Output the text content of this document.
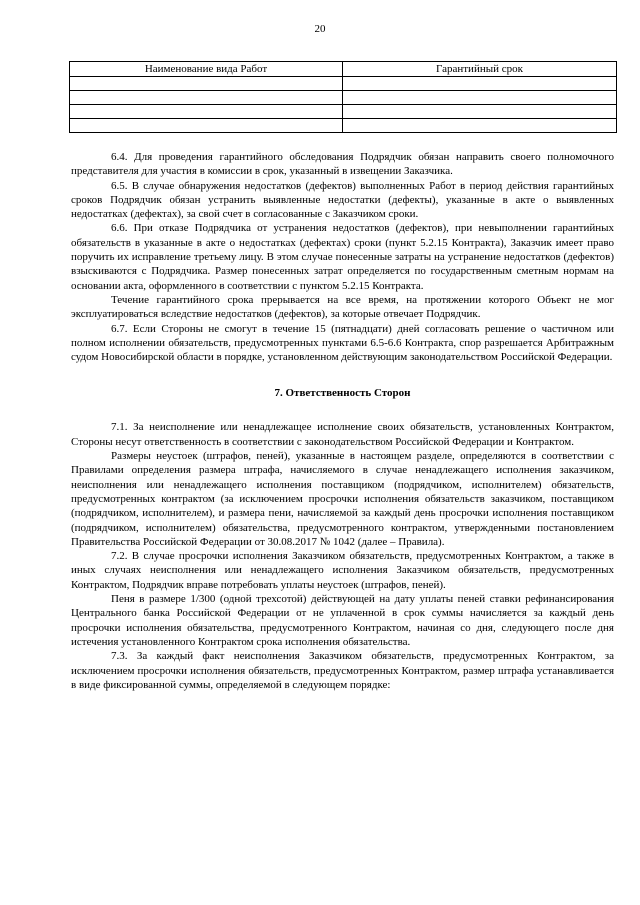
20
Наименование вида Работ	Гарантийный срок

6.4. Для проведения гарантийного обследования Подрядчик обязан направить своего полномочного представителя для участия в комиссии в срок, указанный в извещении Заказчика.

6.5. В случае обнаружения недостатков (дефектов) выполненных Работ в период действия гарантийных сроков Подрядчик обязан устранить выявленные недостатки (дефекты), указанные в акте о выявленных недостатках (дефектах), за свой счет в согласованные с Заказчиком сроки.

6.6. При отказе Подрядчика от устранения недостатков (дефектов), при невыполнении гарантийных обязательств в указанные в акте о недостатках (дефектах) сроки (пункт 5.2.15 Контракта), Заказчик имеет право поручить их исправление третьему лицу. В этом случае понесенные затраты на устранение недостатков (дефектов) взыскиваются с Подрядчика. Размер понесенных затрат определяется по государственным сметным нормам на основании акта, оформленного в соответствии с пунктом 5.2.15 Контракта.

Течение гарантийного срока прерывается на все время, на протяжении которого Объект не мог эксплуатироваться вследствие недостатков (дефектов), за которые отвечает Подрядчик.

6.7. Если Стороны не смогут в течение 15 (пятнадцати) дней согласовать решение о частичном или полном исполнении обязательств, предусмотренных пунктами 6.5-6.6 Контракта, спор разрешается Арбитражным судом Новосибирской области в порядке, установленном действующим законодательством Российской Федерации.

7. Ответственность Сторон

7.1. За неисполнение или ненадлежащее исполнение своих обязательств, установленных Контрактом, Стороны несут ответственность в соответствии с законодательством Российской Федерации и Контрактом.

Размеры неустоек (штрафов, пеней), указанные в настоящем разделе, определяются в соответствии с Правилами определения размера штрафа, начисляемого в случае ненадлежащего исполнения заказчиком, неисполнения или ненадлежащего исполнения поставщиком (подрядчиком, исполнителем) обязательств, предусмотренных контрактом (за исключением просрочки исполнения обязательств заказчиком, поставщиком (подрядчиком, исполнителем), и размера пени, начисляемой за каждый день просрочки исполнения поставщиком (подрядчиком, исполнителем) обязательства, предусмотренного контрактом, утвержденными постановлением Правительства Российской Федерации от 30.08.2017 № 1042 (далее – Правила).

7.2. В случае просрочки исполнения Заказчиком обязательств, предусмотренных Контрактом, а также в иных случаях неисполнения или ненадлежащего исполнения Заказчиком обязательств, предусмотренных Контрактом, Подрядчик вправе потребовать уплаты неустоек (штрафов, пеней).

Пеня в размере 1/300 (одной трехсотой) действующей на дату уплаты пеней ставки рефинансирования Центрального банка Российской Федерации от не уплаченной в срок суммы начисляется за каждый день просрочки исполнения обязательства, предусмотренного Контрактом, начиная со дня, следующего после дня истечения установленного Контрактом срока исполнения обязательства.

7.3. За каждый факт неисполнения Заказчиком обязательств, предусмотренных Контрактом, за исключением просрочки исполнения обязательств, предусмотренных Контрактом, размер штрафа устанавливается в виде фиксированной суммы, определяемой в следующем порядке:
